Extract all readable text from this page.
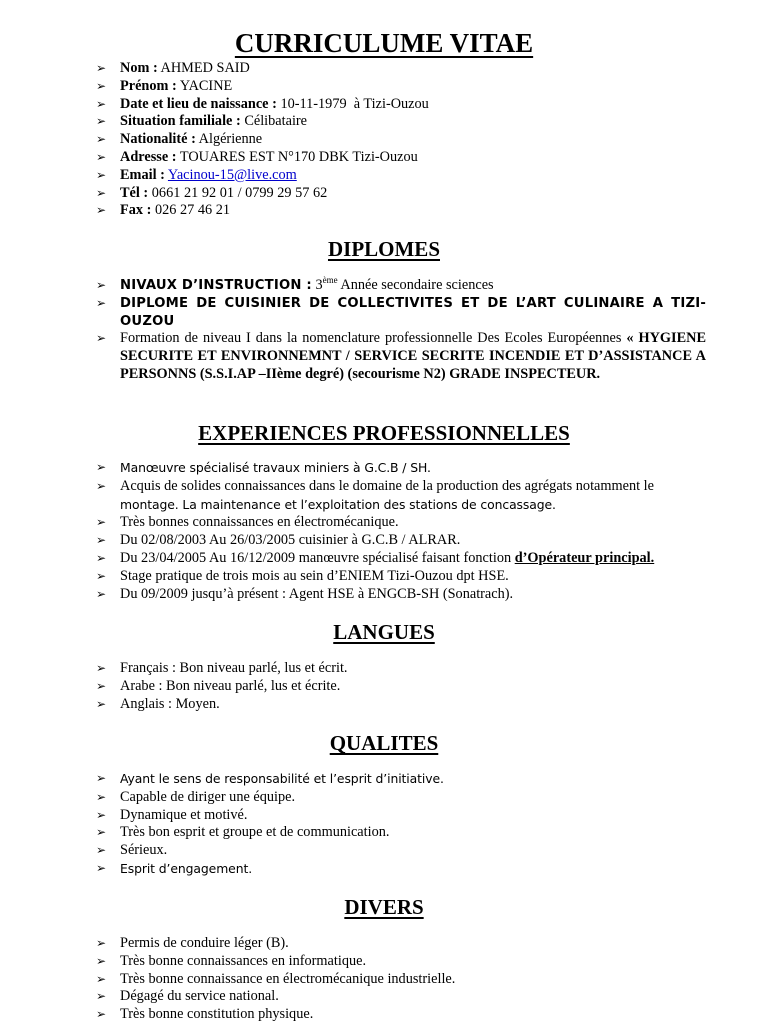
CURRICULUME VITAE
➢ Nom : AHMED SAID
➢ Prénom : YACINE
➢ Date et lieu de naissance : 10-11-1979  à Tizi-Ouzou
➢ Situation familiale : Célibataire
➢ Nationalité : Algérienne
➢ Adresse : TOUARES EST N°170 DBK Tizi-Ouzou
➢ Email : Yacinou-15@live.com
➢ Tél : 0661 21 92 01 / 0799 29 57 62
➢ Fax : 026 27 46 21
DIPLOMES
➢ NIVAUX D’INSTRUCTION : 3ème Année secondaire sciences
➢ DIPLOME DE CUISINIER DE COLLECTIVITES ET DE L’ART CULINAIRE A TIZI-OUZOU
➢ Formation de niveau I dans la nomenclature professionnelle Des Ecoles Européennes « HYGIENE SECURITE ET ENVIRONNEMNT / SERVICE SECRITE INCENDIE ET D’ASSISTANCE A PERSONNS (S.S.I.AP –IIème degré) (secourisme N2) GRADE INSPECTEUR.
EXPERIENCES PROFESSIONNELLES
➢ Manœuvre spécialisé travaux miniers à G.C.B / SH.
➢ Acquis de solides connaissances dans le domaine de la production des agrégats notamment le
montage. La maintenance et l’exploitation des stations de concassage.
➢ Très bonnes connaissances en électromécanique.
➢ Du 02/08/2003 Au 26/03/2005 cuisinier à G.C.B / ALRAR.
➢ Du 23/04/2005 Au 16/12/2009 manœuvre spécialisé faisant fonction d’Opérateur principal.
➢ Stage pratique de trois mois au sein d’ENIEM Tizi-Ouzou dpt HSE.
➢ Du 09/2009 jusqu’à présent : Agent HSE à ENGCB-SH (Sonatrach).
LANGUES
➢ Français : Bon niveau parlé, lus et écrit.
➢ Arabe : Bon niveau parlé, lus et écrite.
➢ Anglais : Moyen.
QUALITES
➢ Ayant le sens de responsabilité et l’esprit d’initiative.
➢ Capable de diriger une équipe.
➢ Dynamique et motivé.
➢ Très bon esprit et groupe et de communication.
➢ Sérieux.
➢ Esprit d’engagement.
DIVERS
➢ Permis de conduire léger (B).
➢ Très bonne connaissances en informatique.
➢ Très bonne connaissance en électromécanique industrielle.
➢ Dégagé du service national.
➢ Très bonne constitution physique.
